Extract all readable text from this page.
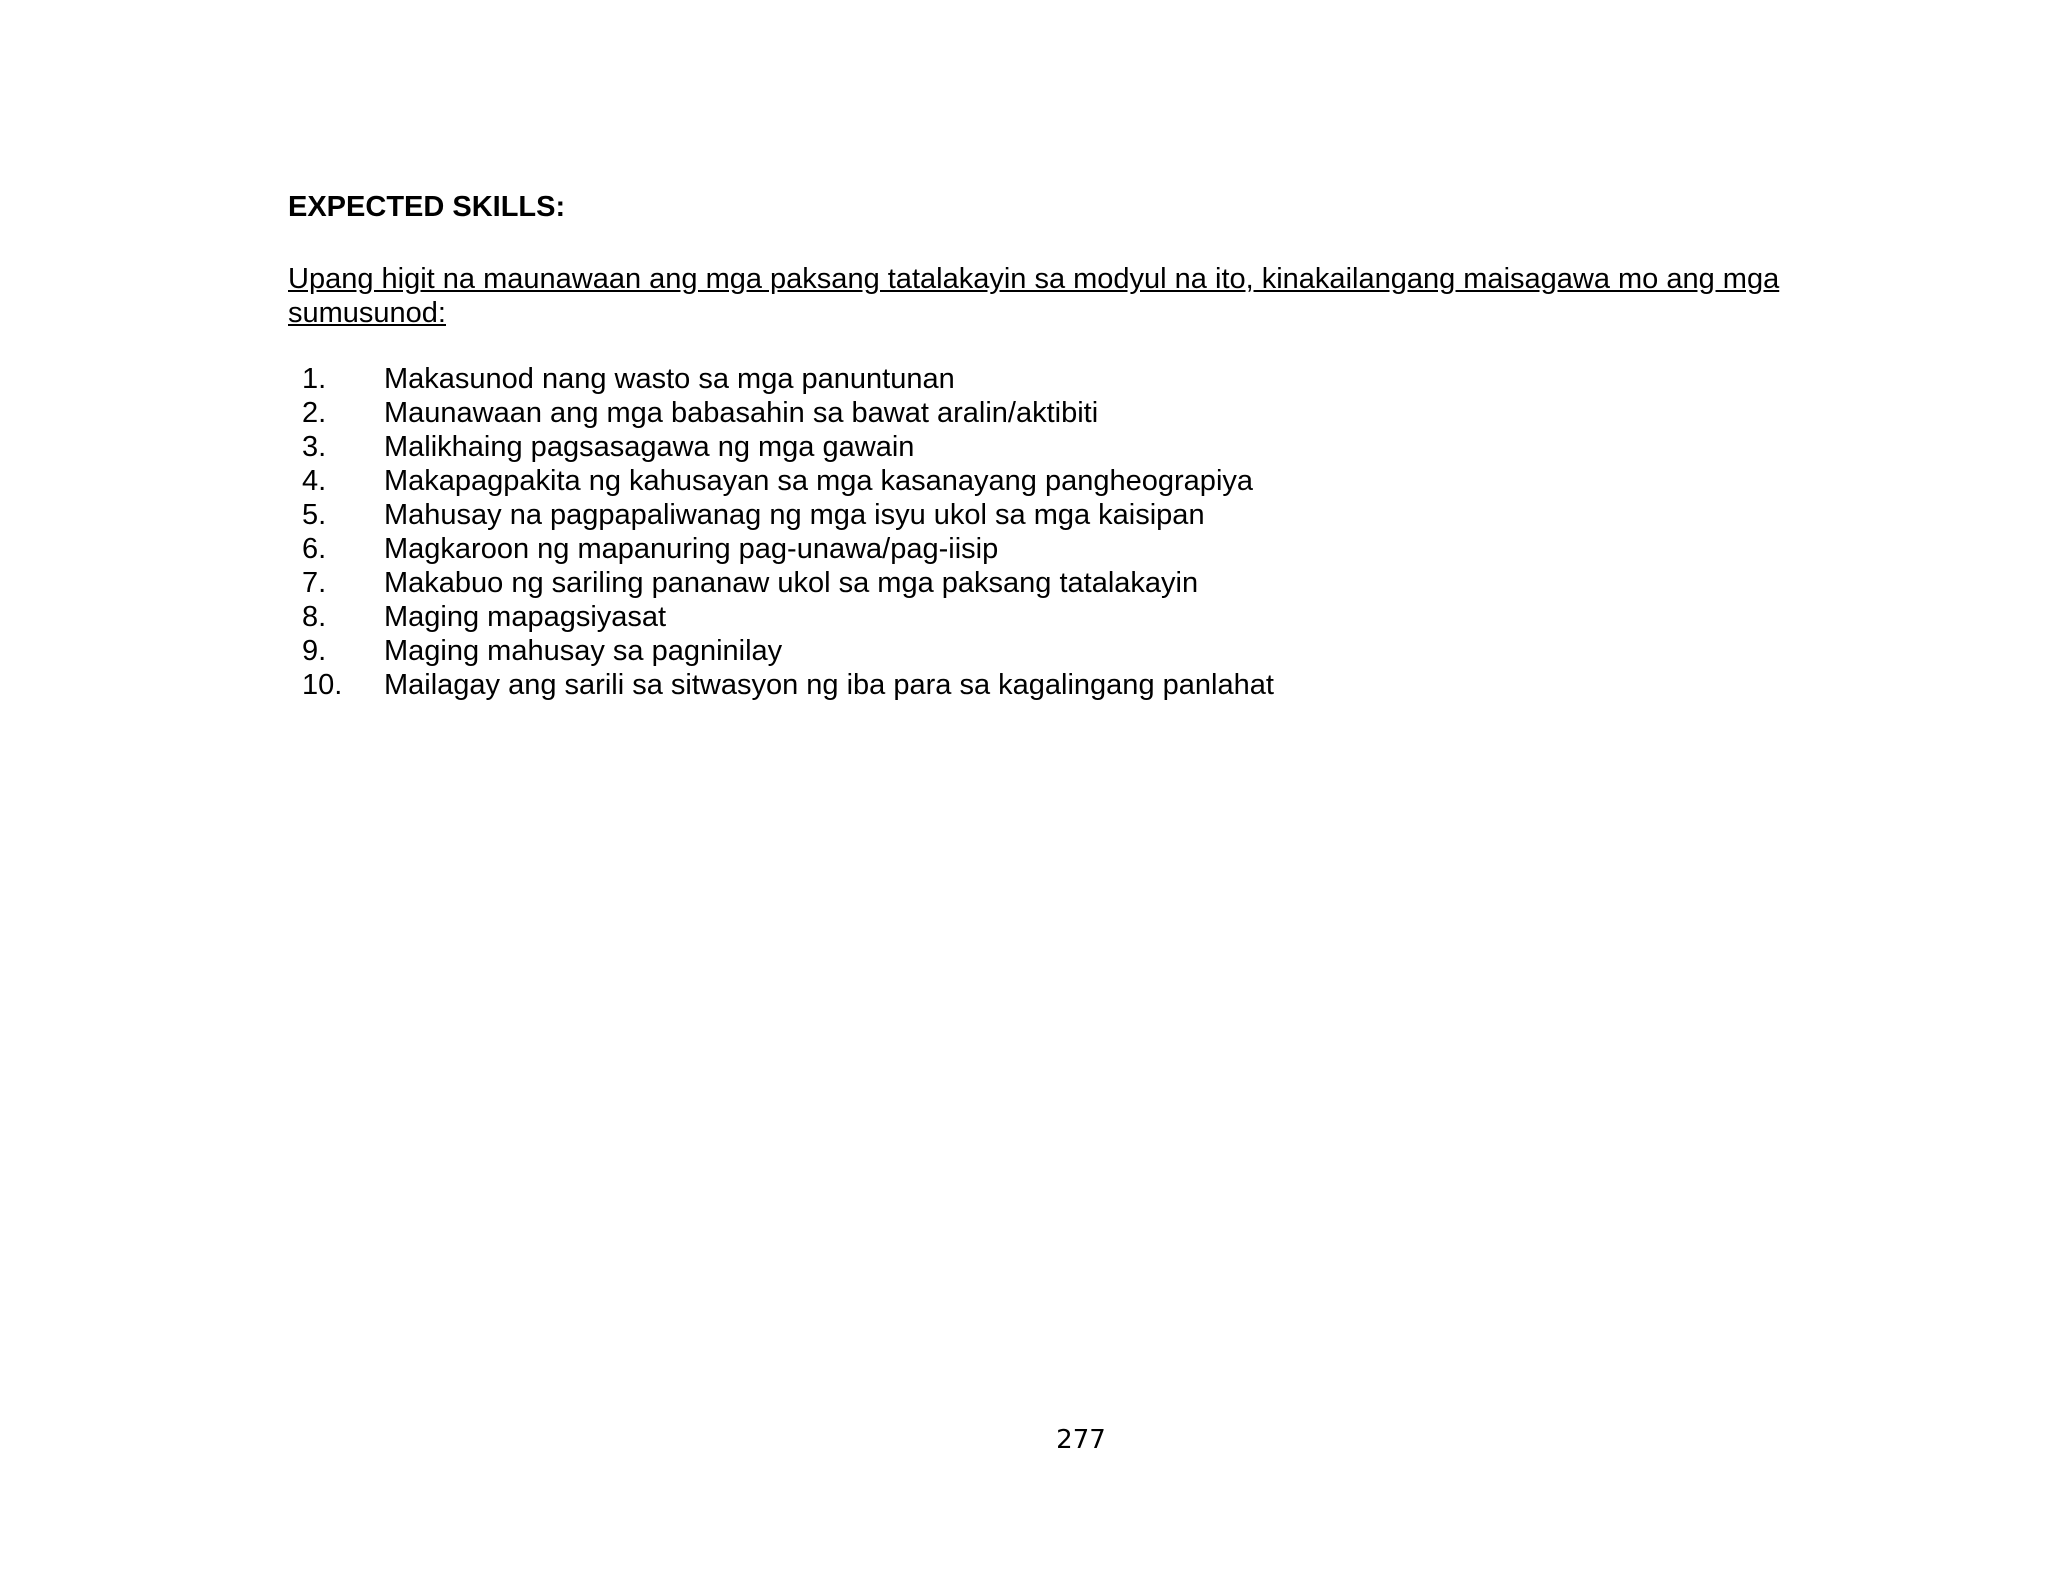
EXPECTED SKILLS:

Upang higit na maunawaan ang mga paksang tatalakayin sa modyul na ito, kinakailangang maisagawa mo ang mga sumusunod:

1.	Makasunod nang wasto sa mga panuntunan
2.	Maunawaan ang mga babasahin sa bawat aralin/aktibiti
3.	Malikhaing pagsasagawa ng mga gawain
4.	Makapagpakita ng kahusayan sa mga kasanayang pangheograpiya
5.	Mahusay na pagpapaliwanag ng mga isyu ukol sa mga kaisipan
6.	Magkaroon ng mapanuring pag-unawa/pag-iisip
7.	Makabuo ng sariling pananaw ukol sa mga paksang tatalakayin
8.	Maging mapagsiyasat
9.	Maging mahusay sa pagninilay
10.	Mailagay ang sarili sa sitwasyon ng iba para sa kagalingang panlahat
277
